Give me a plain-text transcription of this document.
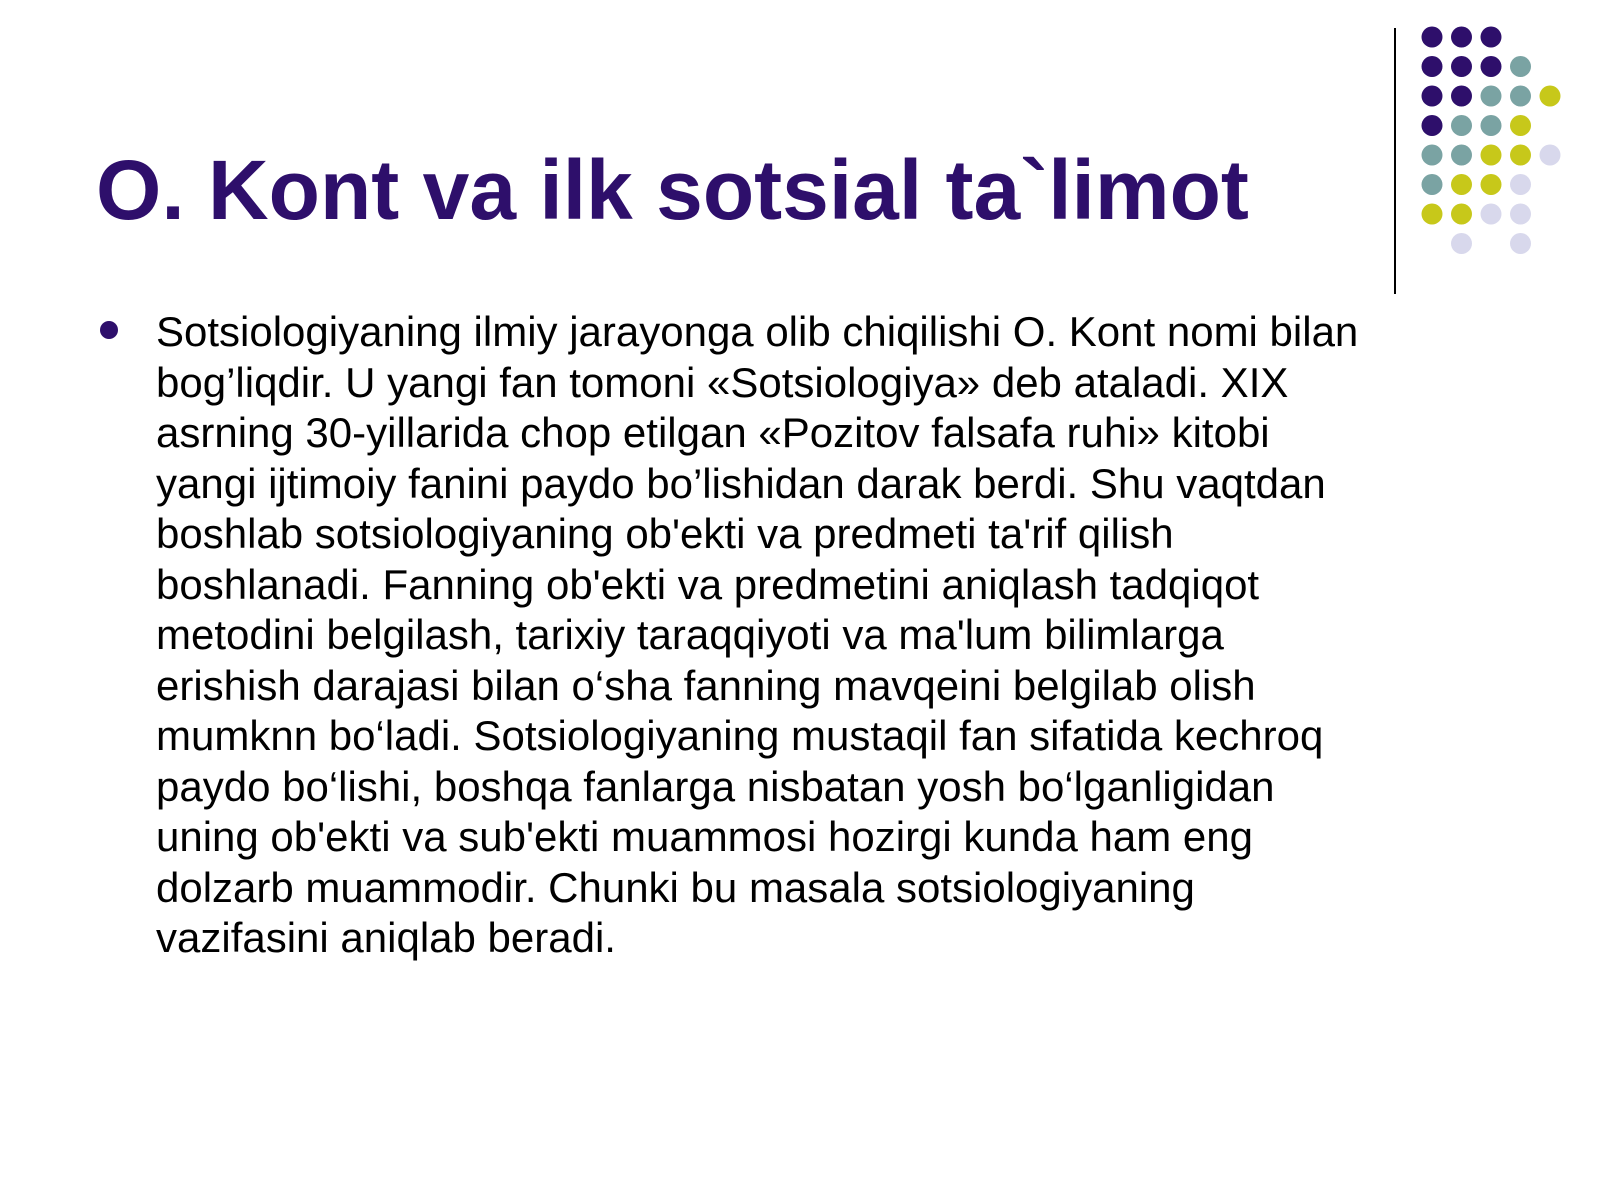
O. Kont va ilk sotsial ta`limot
Sotsiologiyaning ilmiy jarayonga olib chiqilishi O. Kont nomi bilan
bog’liqdir. U yangi fan tomoni «Sotsiologiya» deb ataladi. XIX
asrning 30-yillarida chop etilgan «Pozitov falsafa ruhi» kitobi
yangi ijtimoiy fanini paydo bo’lishidan darak berdi. Shu vaqtdan
boshlab sotsiologiyaning ob'ekti va predmeti ta'rif qilish
boshlanadi. Fanning ob'ekti va predmetini aniqlash tadqiqot
metodini belgilash, tarixiy taraqqiyoti va ma'lum bilimlarga
erishish darajasi bilan o‘sha fanning mavqeini belgilab olish
mumknn bo‘ladi. Sotsiologiyaning mustaqil fan sifatida kechroq
paydo bo‘lishi, boshqa fanlarga nisbatan yosh bo‘lganligidan
uning ob'ekti va sub'ekti muammosi hozirgi kunda ham eng
dolzarb muammodir. Chunki bu masala sotsiologiyaning
vazifasini aniqlab beradi.
